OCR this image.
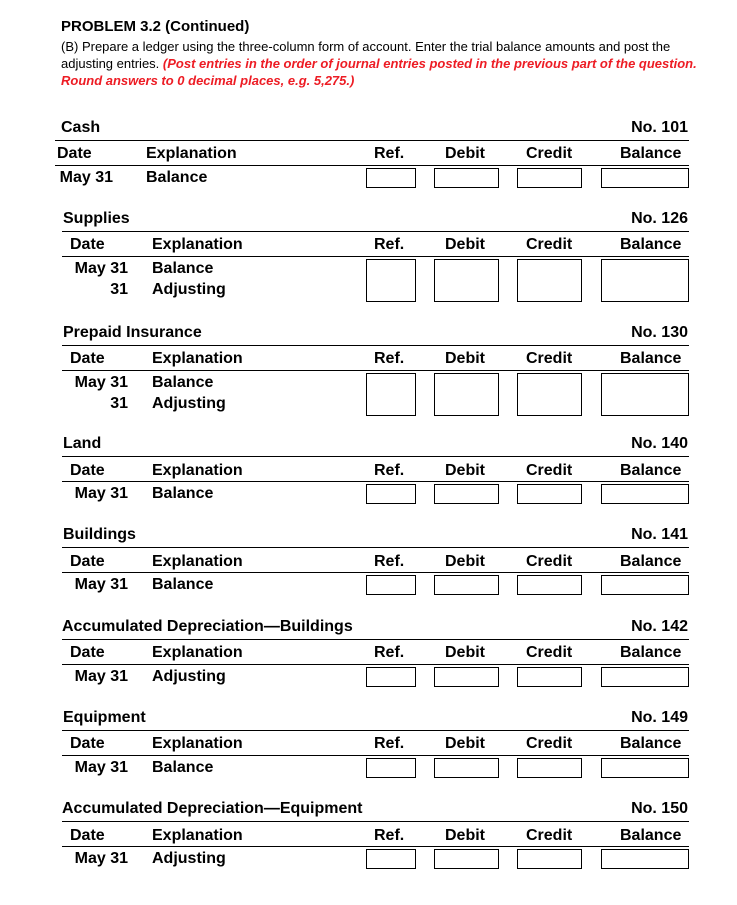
PROBLEM 3.2 (Continued)
(B) Prepare a ledger using the three-column form of account. Enter the trial balance amounts and post the adjusting entries. (Post entries in the order of journal entries posted in the previous part of the question. Round answers to 0 decimal places, e.g. 5,275.)
Cash	No. 101
Date	Explanation	Ref.	Debit	Credit	Balance
May 31 Balance
Supplies	No. 126
Date	Explanation	Ref.	Debit	Credit	Balance
May 31 Balance
31 Adjusting
Prepaid Insurance	No. 130
Date	Explanation	Ref.	Debit	Credit	Balance
May 31 Balance
31 Adjusting
Land	No. 140
Date	Explanation	Ref.	Debit	Credit	Balance
May 31 Balance
Buildings	No. 141
Date	Explanation	Ref.	Debit	Credit	Balance
May 31 Balance
Accumulated Depreciation—Buildings	No. 142
Date	Explanation	Ref.	Debit	Credit	Balance
May 31 Adjusting
Equipment	No. 149
Date	Explanation	Ref.	Debit	Credit	Balance
May 31 Balance
Accumulated Depreciation—Equipment	No. 150
Date	Explanation	Ref.	Debit	Credit	Balance
May 31 Adjusting
